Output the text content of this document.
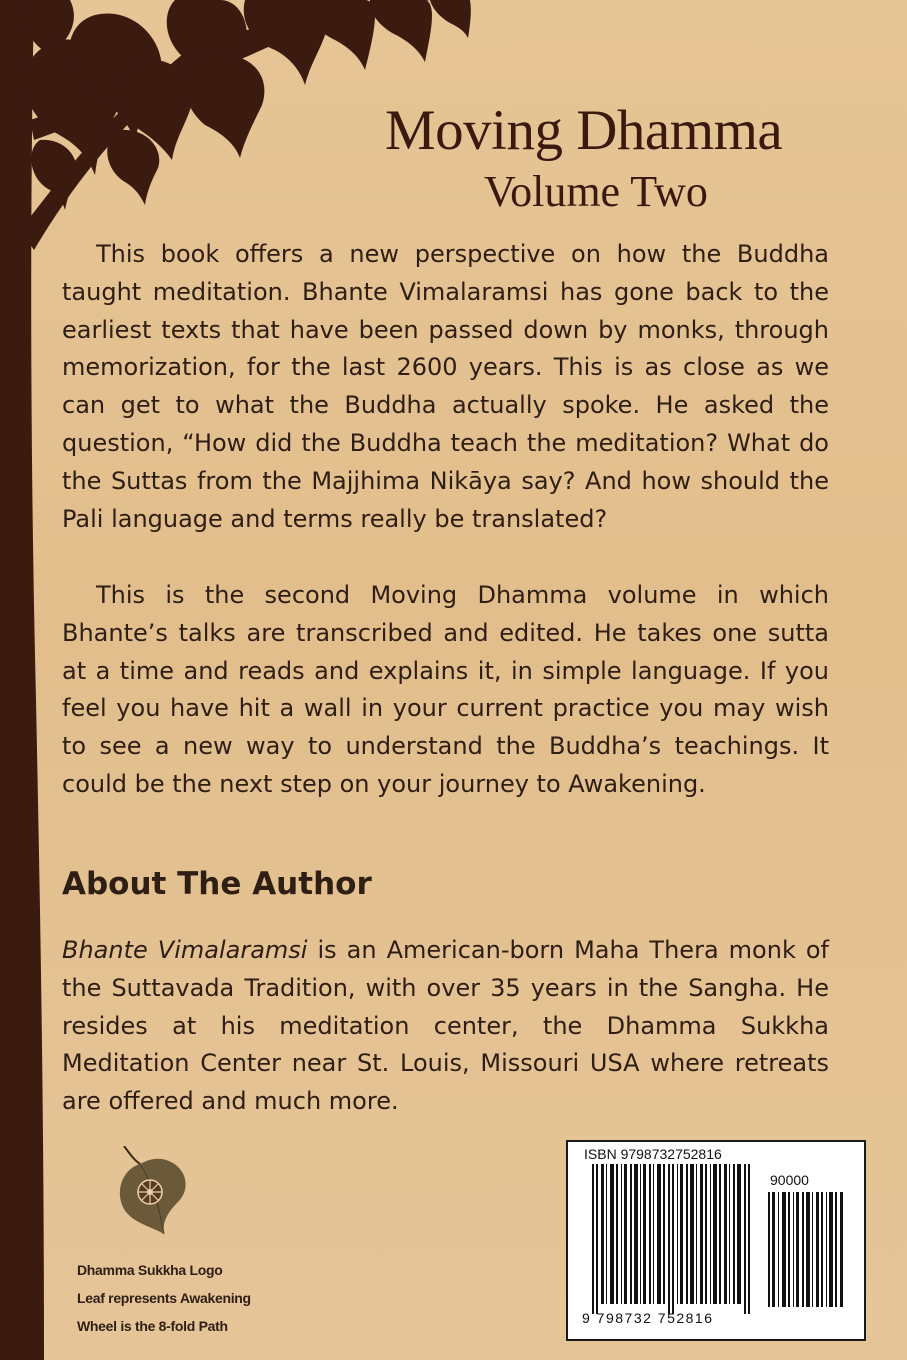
Moving Dhamma
Volume Two

This book offers a new perspective on how the Buddha taught meditation. Bhante Vimalaramsi has gone back to the earliest texts that have been passed down by monks, through memorization, for the last 2600 years. This is as close as we can get to what the Buddha actually spoke. He asked the question, “How did the Buddha teach the meditation? What do the Suttas from the Majjhima Nikāya say? And how should the Pali language and terms really be translated?

This is the second Moving Dhamma volume in which Bhante’s talks are transcribed and edited. He takes one sutta at a time and reads and explains it, in simple language. If you feel you have hit a wall in your current practice you may wish to see a new way to understand the Buddha’s teachings. It could be the next step on your journey to Awakening.

About The Author

Bhante Vimalaramsi is an American-born Maha Thera monk of the Suttavada Tradition, with over 35 years in the Sangha. He resides at his meditation center, the Dhamma Sukkha Meditation Center near St. Louis, Missouri USA where retreats are offered and much more.

Dhamma Sukkha Logo
Leaf represents Awakening
Wheel is the 8-fold Path
ISBN 9798732752816
90000
9 798732 752816
